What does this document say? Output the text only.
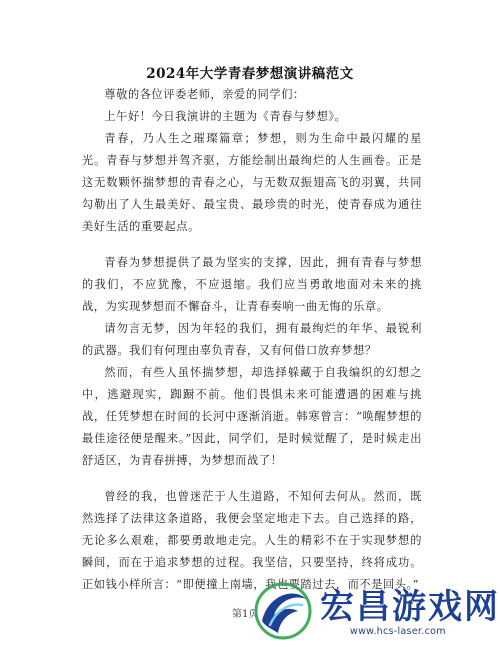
2024年大学青春梦想演讲稿范文

尊敬的各位评委老师，亲爱的同学们：

上午好！今日我演讲的主题为《青春与梦想》。

青春，乃人生之璀璨篇章；梦想，则为生命中最闪耀的星光。青春与梦想并驾齐驱，方能绘制出最绚烂的人生画卷。正是这无数颗怀揣梦想的青春之心，与无数双振翅高飞的羽翼，共同勾勒出了人生最美好、最宝贵、最珍贵的时光，使青春成为通往美好生活的重要起点。

青春为梦想提供了最为坚实的支撑，因此，拥有青春与梦想的我们，不应犹豫，不应退缩。我们应当勇敢地面对未来的挑战，为实现梦想而不懈奋斗，让青春奏响一曲无悔的乐章。

请勿言无梦，因为年轻的我们，拥有最绚烂的年华、最锐利的武器。我们有何理由辜负青春，又有何借口放弃梦想？

然而，有些人虽怀揣梦想，却选择躲藏于自我编织的幻想之中，逃避现实，踟蹰不前。他们畏惧未来可能遭遇的困难与挑战，任凭梦想在时间的长河中逐渐消逝。韩寒曾言：“唤醒梦想的最佳途径便是醒来。”因此，同学们，是时候觉醒了，是时候走出舒适区，为青春拼搏，为梦想而战了！

曾经的我，也曾迷茫于人生道路，不知何去何从。然而，既然选择了法律这条道路，我便会坚定地走下去。自己选择的路，无论多么艰难，都要勇敢地走完。人生的精彩不在于实现梦想的瞬间，而在于追求梦想的过程。我坚信，只要坚持，终将成功。正如钱小样所言：“即便撞上南墙，我也要踏过去，而不是回头。”

第1页 宏昌游戏网
www.hcs-laser.com
